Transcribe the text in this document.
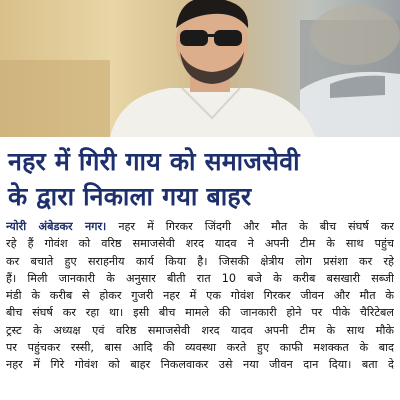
नहर में गिरी गाय को समाजसेवी
के द्वारा निकाला गया बाहर
न्योरी अंबेडकर नगर। नहर में गिरकर जिंदगी और मौत के बीच संघर्ष कर
रहे हैं गोवंश को वरिष्ठ समाजसेवी शरद यादव ने अपनी टीम के साथ पहुंच
कर बचाते हुए सराहनीय कार्य किया है। जिसकी क्षेत्रीय लोग प्रसंशा कर रहे
हैं। मिली जानकारी के अनुसार बीती रात 10 बजे के करीब बसखारी सब्जी
मंडी के करीब से होकर गुजरी नहर में एक गोवंश गिरकर जीवन और मौत के
बीच संघर्ष कर रहा था। इसी बीच मामले की जानकारी होने पर पीके चैरिटेबल
ट्रस्ट के अध्यक्ष एवं वरिष्ठ समाजसेवी शरद यादव अपनी टीम के साथ मौके
पर पहुंचकर रस्सी, बास आदि की व्यवस्था करते हुए काफी मशक्कत के बाद
नहर में गिरे गोवंश को बाहर निकलवाकर उसे नया जीवन दान दिया। बता दे
